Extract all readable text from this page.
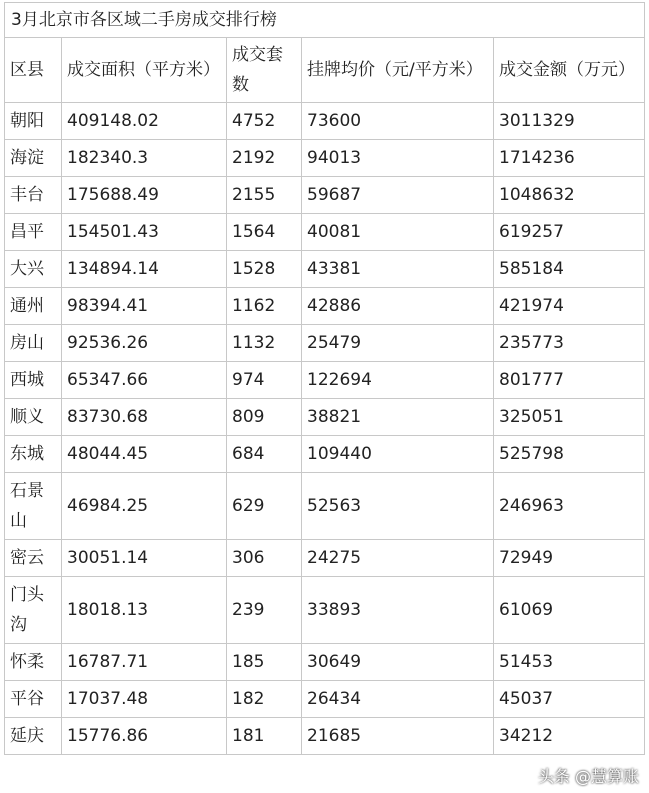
3月北京市各区域二手房成交排行榜				
区县	成交面积（平方米）	成交套数	挂牌均价（元/平方米）	成交金额（万元）
朝阳	409148.02	4752	73600	3011329
海淀	182340.3	2192	94013	1714236
丰台	175688.49	2155	59687	1048632
昌平	154501.43	1564	40081	619257
大兴	134894.14	1528	43381	585184
通州	98394.41	1162	42886	421974
房山	92536.26	1132	25479	235773
西城	65347.66	974	122694	801777
顺义	83730.68	809	38821	325051
东城	48044.45	684	109440	525798
石景山	46984.25	629	52563	246963
密云	30051.14	306	24275	72949
门头沟	18018.13	239	33893	61069
怀柔	16787.71	185	30649	51453
平谷	17037.48	182	26434	45037
延庆	15776.86	181	21685	34212
头条 @慧算账
